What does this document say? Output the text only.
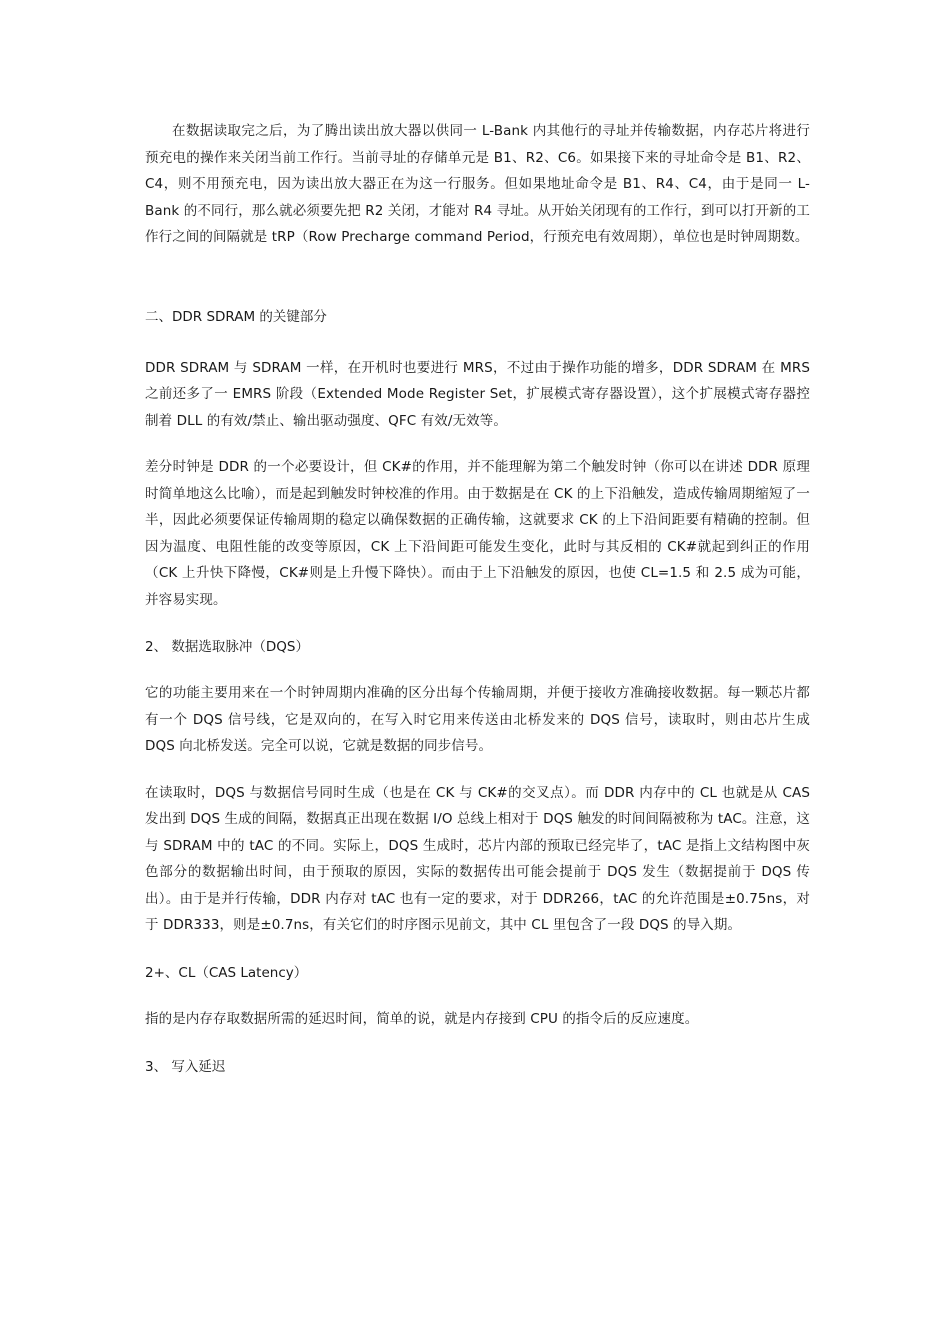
在数据读取完之后，为了腾出读出放大器以供同一 L-Bank 内其他行的寻址并传输数据，内存芯片将进行预充电的操作来关闭当前工作行。当前寻址的存储单元是 B1、R2、C6。如果接下来的寻址命令是 B1、R2、C4，则不用预充电，因为读出放大器正在为这一行服务。但如果地址命令是 B1、R4、C4，由于是同一 L-Bank 的不同行，那么就必须要先把 R2 关闭，才能对 R4 寻址。从开始关闭现有的工作行，到可以打开新的工作行之间的间隔就是 tRP（Row Precharge command Period，行预充电有效周期），单位也是时钟周期数。

二、DDR SDRAM 的关键部分

DDR SDRAM 与 SDRAM 一样，在开机时也要进行 MRS，不过由于操作功能的增多，DDR SDRAM 在 MRS 之前还多了一 EMRS 阶段（Extended Mode Register Set，扩展模式寄存器设置），这个扩展模式寄存器控制着 DLL 的有效/禁止、输出驱动强度、QFC 有效/无效等。

差分时钟是 DDR 的一个必要设计，但 CK#的作用，并不能理解为第二个触发时钟（你可以在讲述 DDR 原理时简单地这么比喻），而是起到触发时钟校准的作用。由于数据是在 CK 的上下沿触发，造成传输周期缩短了一半，因此必须要保证传输周期的稳定以确保数据的正确传输，这就要求 CK 的上下沿间距要有精确的控制。但因为温度、电阻性能的改变等原因，CK 上下沿间距可能发生变化，此时与其反相的 CK#就起到纠正的作用（CK 上升快下降慢，CK#则是上升慢下降快）。而由于上下沿触发的原因，也使 CL=1.5 和 2.5 成为可能，并容易实现。

2、 数据选取脉冲（DQS）

它的功能主要用来在一个时钟周期内准确的区分出每个传输周期，并便于接收方准确接收数据。每一颗芯片都有一个 DQS 信号线，它是双向的，在写入时它用来传送由北桥发来的 DQS 信号，读取时，则由芯片生成 DQS 向北桥发送。完全可以说，它就是数据的同步信号。

在读取时，DQS 与数据信号同时生成（也是在 CK 与 CK#的交叉点）。而 DDR 内存中的 CL 也就是从 CAS 发出到 DQS 生成的间隔，数据真正出现在数据 I/O 总线上相对于 DQS 触发的时间间隔被称为 tAC。注意，这与 SDRAM 中的 tAC 的不同。实际上，DQS 生成时，芯片内部的预取已经完毕了，tAC 是指上文结构图中灰色部分的数据输出时间，由于预取的原因，实际的数据传出可能会提前于 DQS 发生（数据提前于 DQS 传出）。由于是并行传输，DDR 内存对 tAC 也有一定的要求，对于 DDR266，tAC 的允许范围是±0.75ns，对于 DDR333，则是±0.7ns，有关它们的时序图示见前文，其中 CL 里包含了一段 DQS 的导入期。

2+、CL（CAS Latency）

指的是内存存取数据所需的延迟时间，简单的说，就是内存接到 CPU 的指令后的反应速度。

3、 写入延迟
